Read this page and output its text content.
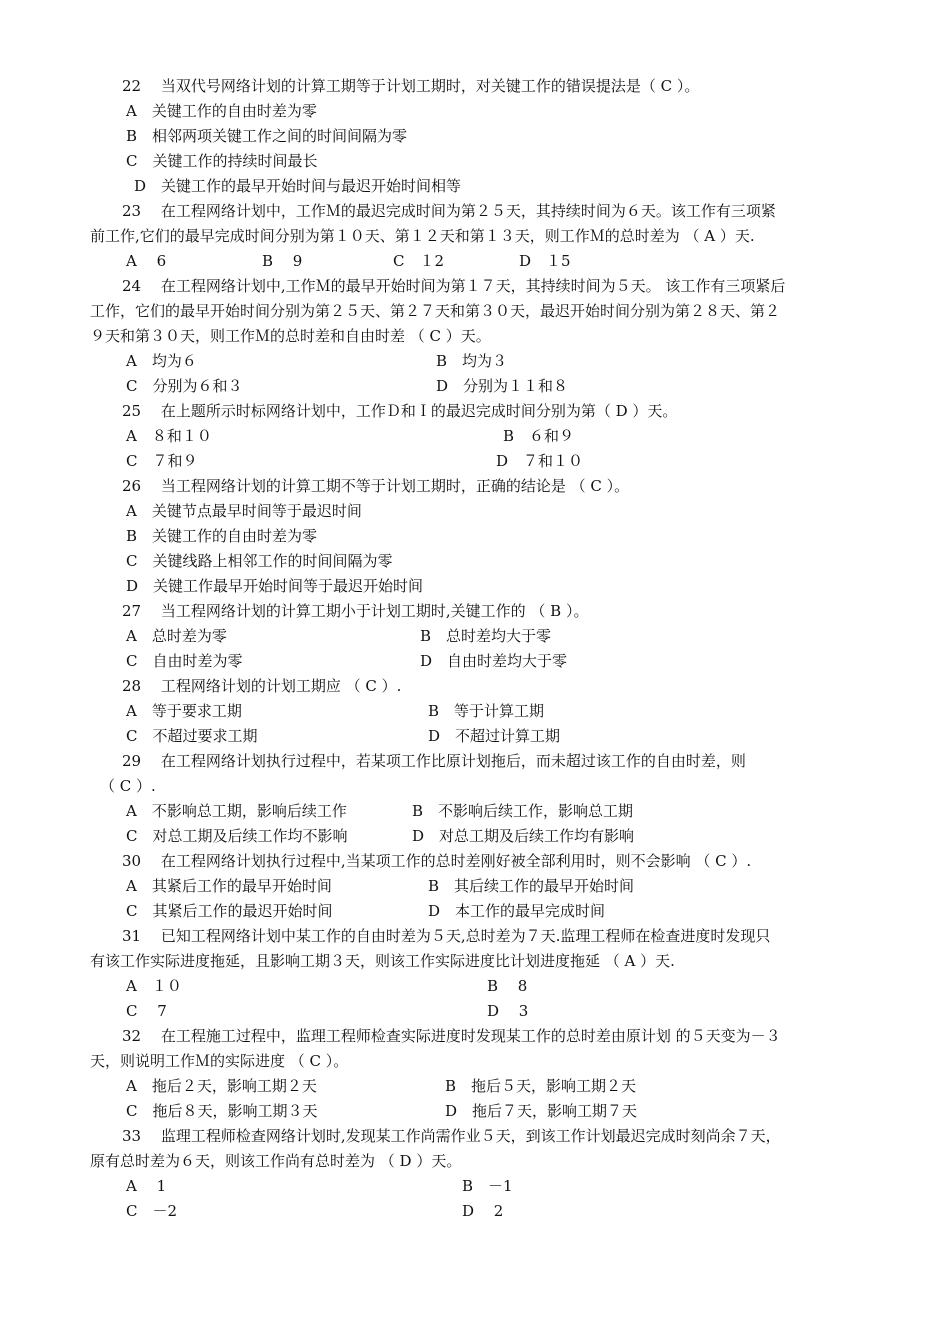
22　 当双代号网络计划的计算工期等于计划工期时，对关键工作的错误提法是（ C ）。
A　关键工作的自由时差为零
B　相邻两项关键工作之间的时间间隔为零
C　关键工作的持续时间最长
D　关键工作的最早开始时间与最迟开始时间相等
23　 在工程网络计划中，工作Ｍ的最迟完成时间为第２５天，其持续时间为６天。该工作有三项紧
前工作,它们的最早完成时间分别为第１０天、第１２天和第１３天，则工作Ｍ的总时差为 （ A ）天.
A　 6	B　 9	C　１2	D　１5
24　 在工程网络计划中,工作Ｍ的最早开始时间为第１７天，其持续时间为５天。 该工作有三项紧后
工作，它们的最早开始时间分别为第２５天、第２７天和第３０天，最迟开始时间分别为第２８天、第２
９天和第３０天，则工作Ｍ的总时差和自由时差 （ C ）天。
A　均为６	B　均为３
C　分别为６和３	D　分别为１１和８
25　 在上题所示时标网络计划中，工作Ｄ和Ｉ的最迟完成时间分别为第（ D ）天。
A　８和１０	B　６和９
C　７和９	D　７和１０
26　 当工程网络计划的计算工期不等于计划工期时，正确的结论是 （ C ）。
A　关键节点最早时间等于最迟时间
B　关键工作的自由时差为零
C　关键线路上相邻工作的时间间隔为零
D　关键工作最早开始时间等于最迟开始时间
27　 当工程网络计划的计算工期小于计划工期时,关键工作的 （ B ）。
A　总时差为零	B　总时差均大于零
C　自由时差为零	D　自由时差均大于零
28　 工程网络计划的计划工期应 （ C ）.
A　等于要求工期	B　等于计算工期
C　不超过要求工期	D　不超过计算工期
29　 在工程网络计划执行过程中，若某项工作比原计划拖后，而未超过该工作的自由时差，则
（ C ）.
A　不影响总工期，影响后续工作	B　不影响后续工作，影响总工期
C　对总工期及后续工作均不影响	D　对总工期及后续工作均有影响
30　 在工程网络计划执行过程中,当某项工作的总时差刚好被全部利用时，则不会影响 （ C ）.
A　其紧后工作的最早开始时间	B　其后续工作的最早开始时间
C　其紧后工作的最迟开始时间	D　本工作的最早完成时间
31　 已知工程网络计划中某工作的自由时差为５天,总时差为７天.监理工程师在检查进度时发现只
有该工作实际进度拖延，且影响工期３天，则该工作实际进度比计划进度拖延 （ A ）天.
A　１０	B　 8
C　 7	D　 3
32　 在工程施工过程中，监理工程师检查实际进度时发现某工作的总时差由原计划 的５天变为－３
天，则说明工作Ｍ的实际进度 （ C ）。
A　拖后２天，影响工期２天	B　拖后５天，影响工期２天
C　拖后８天，影响工期３天	D　拖后７天，影响工期７天
33　 监理工程师检查网络计划时,发现某工作尚需作业５天，到该工作计划最迟完成时刻尚余７天，
原有总时差为６天，则该工作尚有总时差为 （ D ）天。
A　 1	B　－1
C　－2	D　 2
